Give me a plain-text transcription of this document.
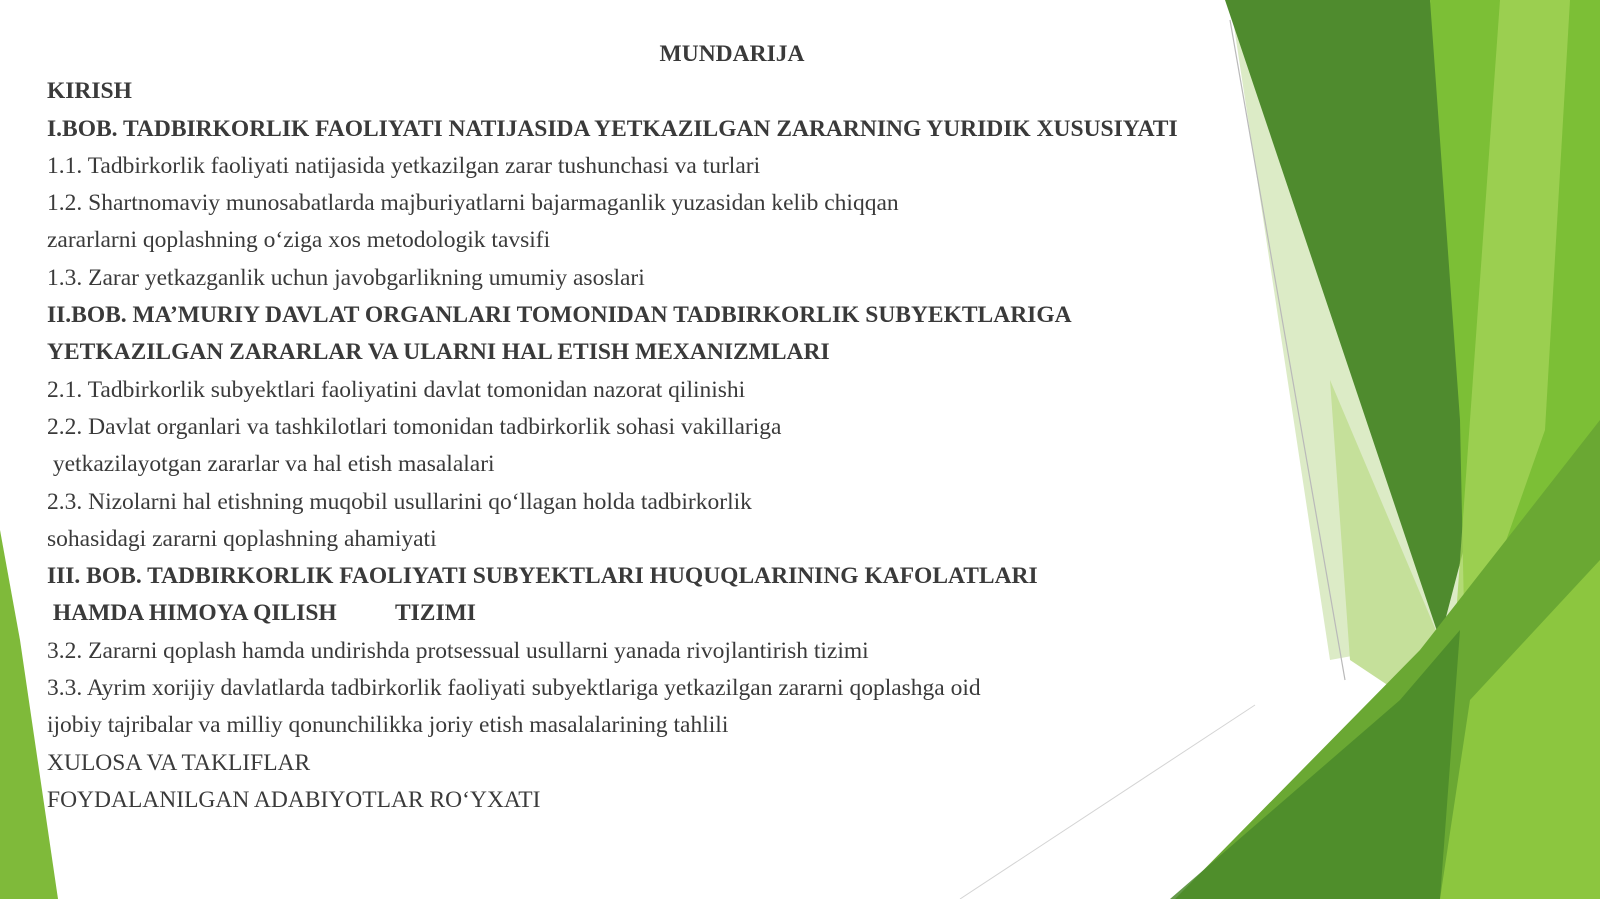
MUNDARIJA
KIRISH
I.BOB. TADBIRKORLIK FAOLIYATI NATIJASIDA YETKAZILGAN ZARARNING YURIDIK XUSUSIYATI
1.1. Tadbirkorlik faoliyati natijasida yetkazilgan zarar tushunchasi va turlari
1.2. Shartnomaviy munosabatlarda majburiyatlarni bajarmaganlik yuzasidan kelib chiqqan
zararlarni qoplashning o‘ziga xos metodologik tavsifi
1.3. Zarar yetkazganlik uchun javobgarlikning umumiy asoslari
II.BOB. MA’MURIY DAVLAT ORGANLARI TOMONIDAN TADBIRKORLIK SUBYEKTLARIGA
YETKAZILGAN ZARARLAR VA ULARNI HAL ETISH MEXANIZMLARI
2.1. Tadbirkorlik subyektlari faoliyatini davlat tomonidan nazorat qilinishi
2.2. Davlat organlari va tashkilotlari tomonidan tadbirkorlik sohasi vakillariga
yetkazilayotgan zararlar va hal etish masalalari
2.3. Nizolarni hal etishning muqobil usullarini qo‘llagan holda tadbirkorlik
sohasidagi zararni qoplashning ahamiyati
III. BOB. TADBIRKORLIK FAOLIYATI SUBYEKTLARI HUQUQLARINING KAFOLATLARI
HAMDA HIMOYA QILISH          TIZIMI
3.2. Zararni qoplash hamda undirishda protsessual usullarni yanada rivojlantirish tizimi
3.3. Ayrim xorijiy davlatlarda tadbirkorlik faoliyati subyektlariga yetkazilgan zararni qoplashga oid
ijobiy tajribalar va milliy qonunchilikka joriy etish masalalarining tahlili
XULOSA VA TAKLIFLAR
FOYDALANILGAN ADABIYOTLAR RO‘YXATI
